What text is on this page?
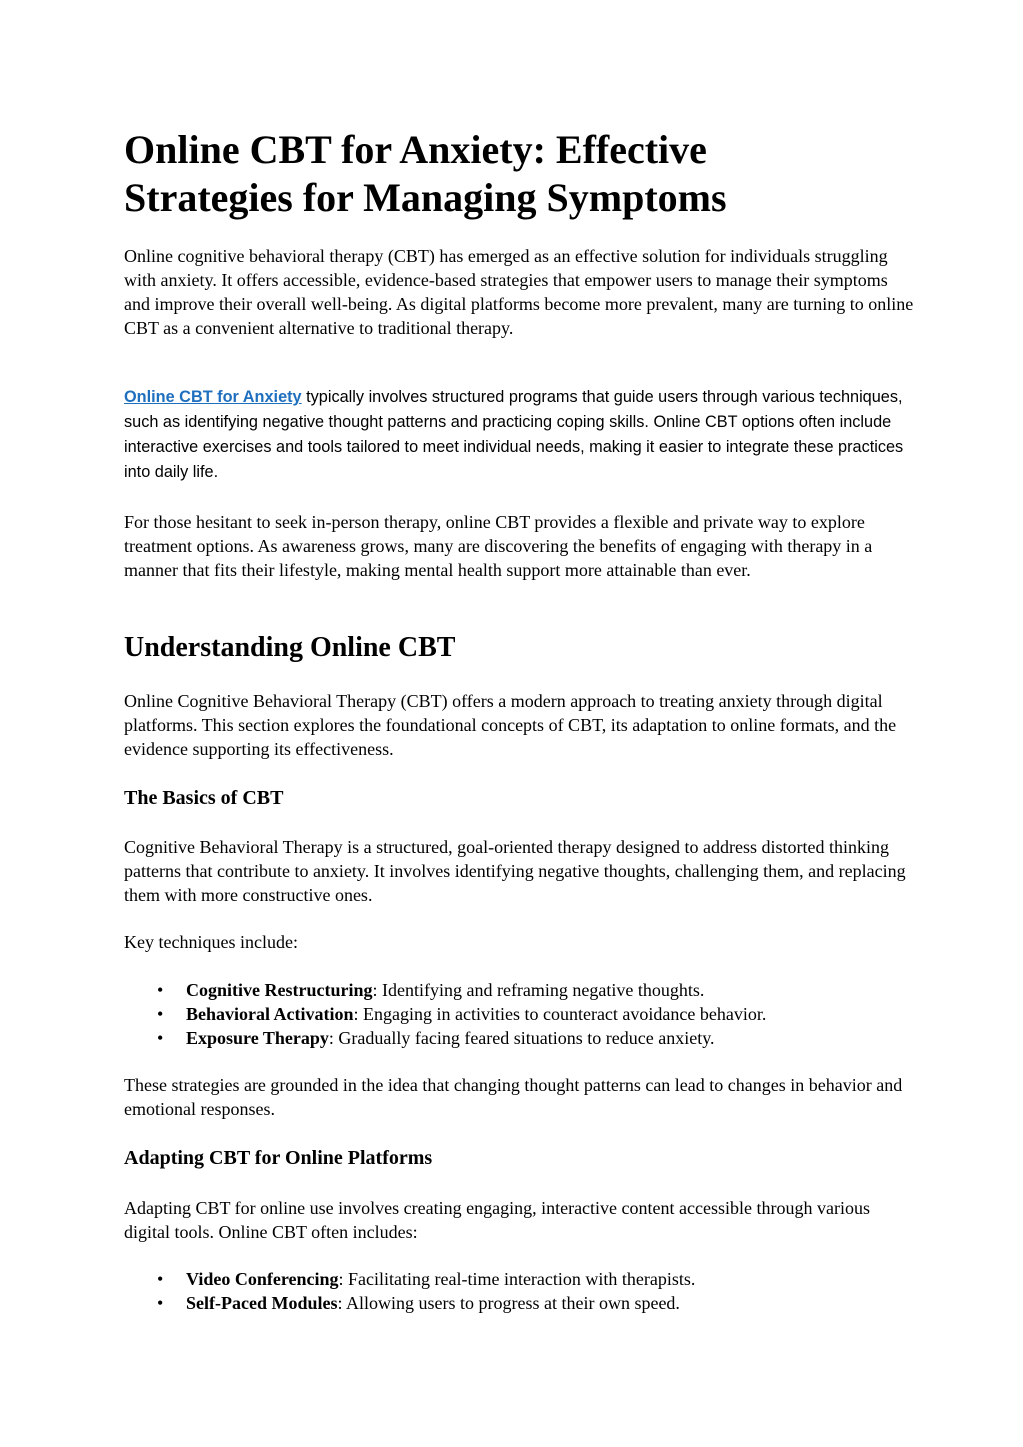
Online CBT for Anxiety: Effective
Strategies for Managing Symptoms

Online cognitive behavioral therapy (CBT) has emerged as an effective solution for individuals struggling with anxiety. It offers accessible, evidence-based strategies that empower users to manage their symptoms and improve their overall well-being. As digital platforms become more prevalent, many are turning to online CBT as a convenient alternative to traditional therapy.

Online CBT for Anxiety typically involves structured programs that guide users through various techniques, such as identifying negative thought patterns and practicing coping skills. Online CBT options often include interactive exercises and tools tailored to meet individual needs, making it easier to integrate these practices into daily life.

For those hesitant to seek in-person therapy, online CBT provides a flexible and private way to explore treatment options. As awareness grows, many are discovering the benefits of engaging with therapy in a manner that fits their lifestyle, making mental health support more attainable than ever.

Understanding Online CBT

Online Cognitive Behavioral Therapy (CBT) offers a modern approach to treating anxiety through digital platforms. This section explores the foundational concepts of CBT, its adaptation to online formats, and the evidence supporting its effectiveness.

The Basics of CBT

Cognitive Behavioral Therapy is a structured, goal-oriented therapy designed to address distorted thinking patterns that contribute to anxiety. It involves identifying negative thoughts, challenging them, and replacing them with more constructive ones.

Key techniques include:

• Cognitive Restructuring: Identifying and reframing negative thoughts.
• Behavioral Activation: Engaging in activities to counteract avoidance behavior.
• Exposure Therapy: Gradually facing feared situations to reduce anxiety.

These strategies are grounded in the idea that changing thought patterns can lead to changes in behavior and emotional responses.

Adapting CBT for Online Platforms

Adapting CBT for online use involves creating engaging, interactive content accessible through various digital tools. Online CBT often includes:

• Video Conferencing: Facilitating real-time interaction with therapists.
• Self-Paced Modules: Allowing users to progress at their own speed.
